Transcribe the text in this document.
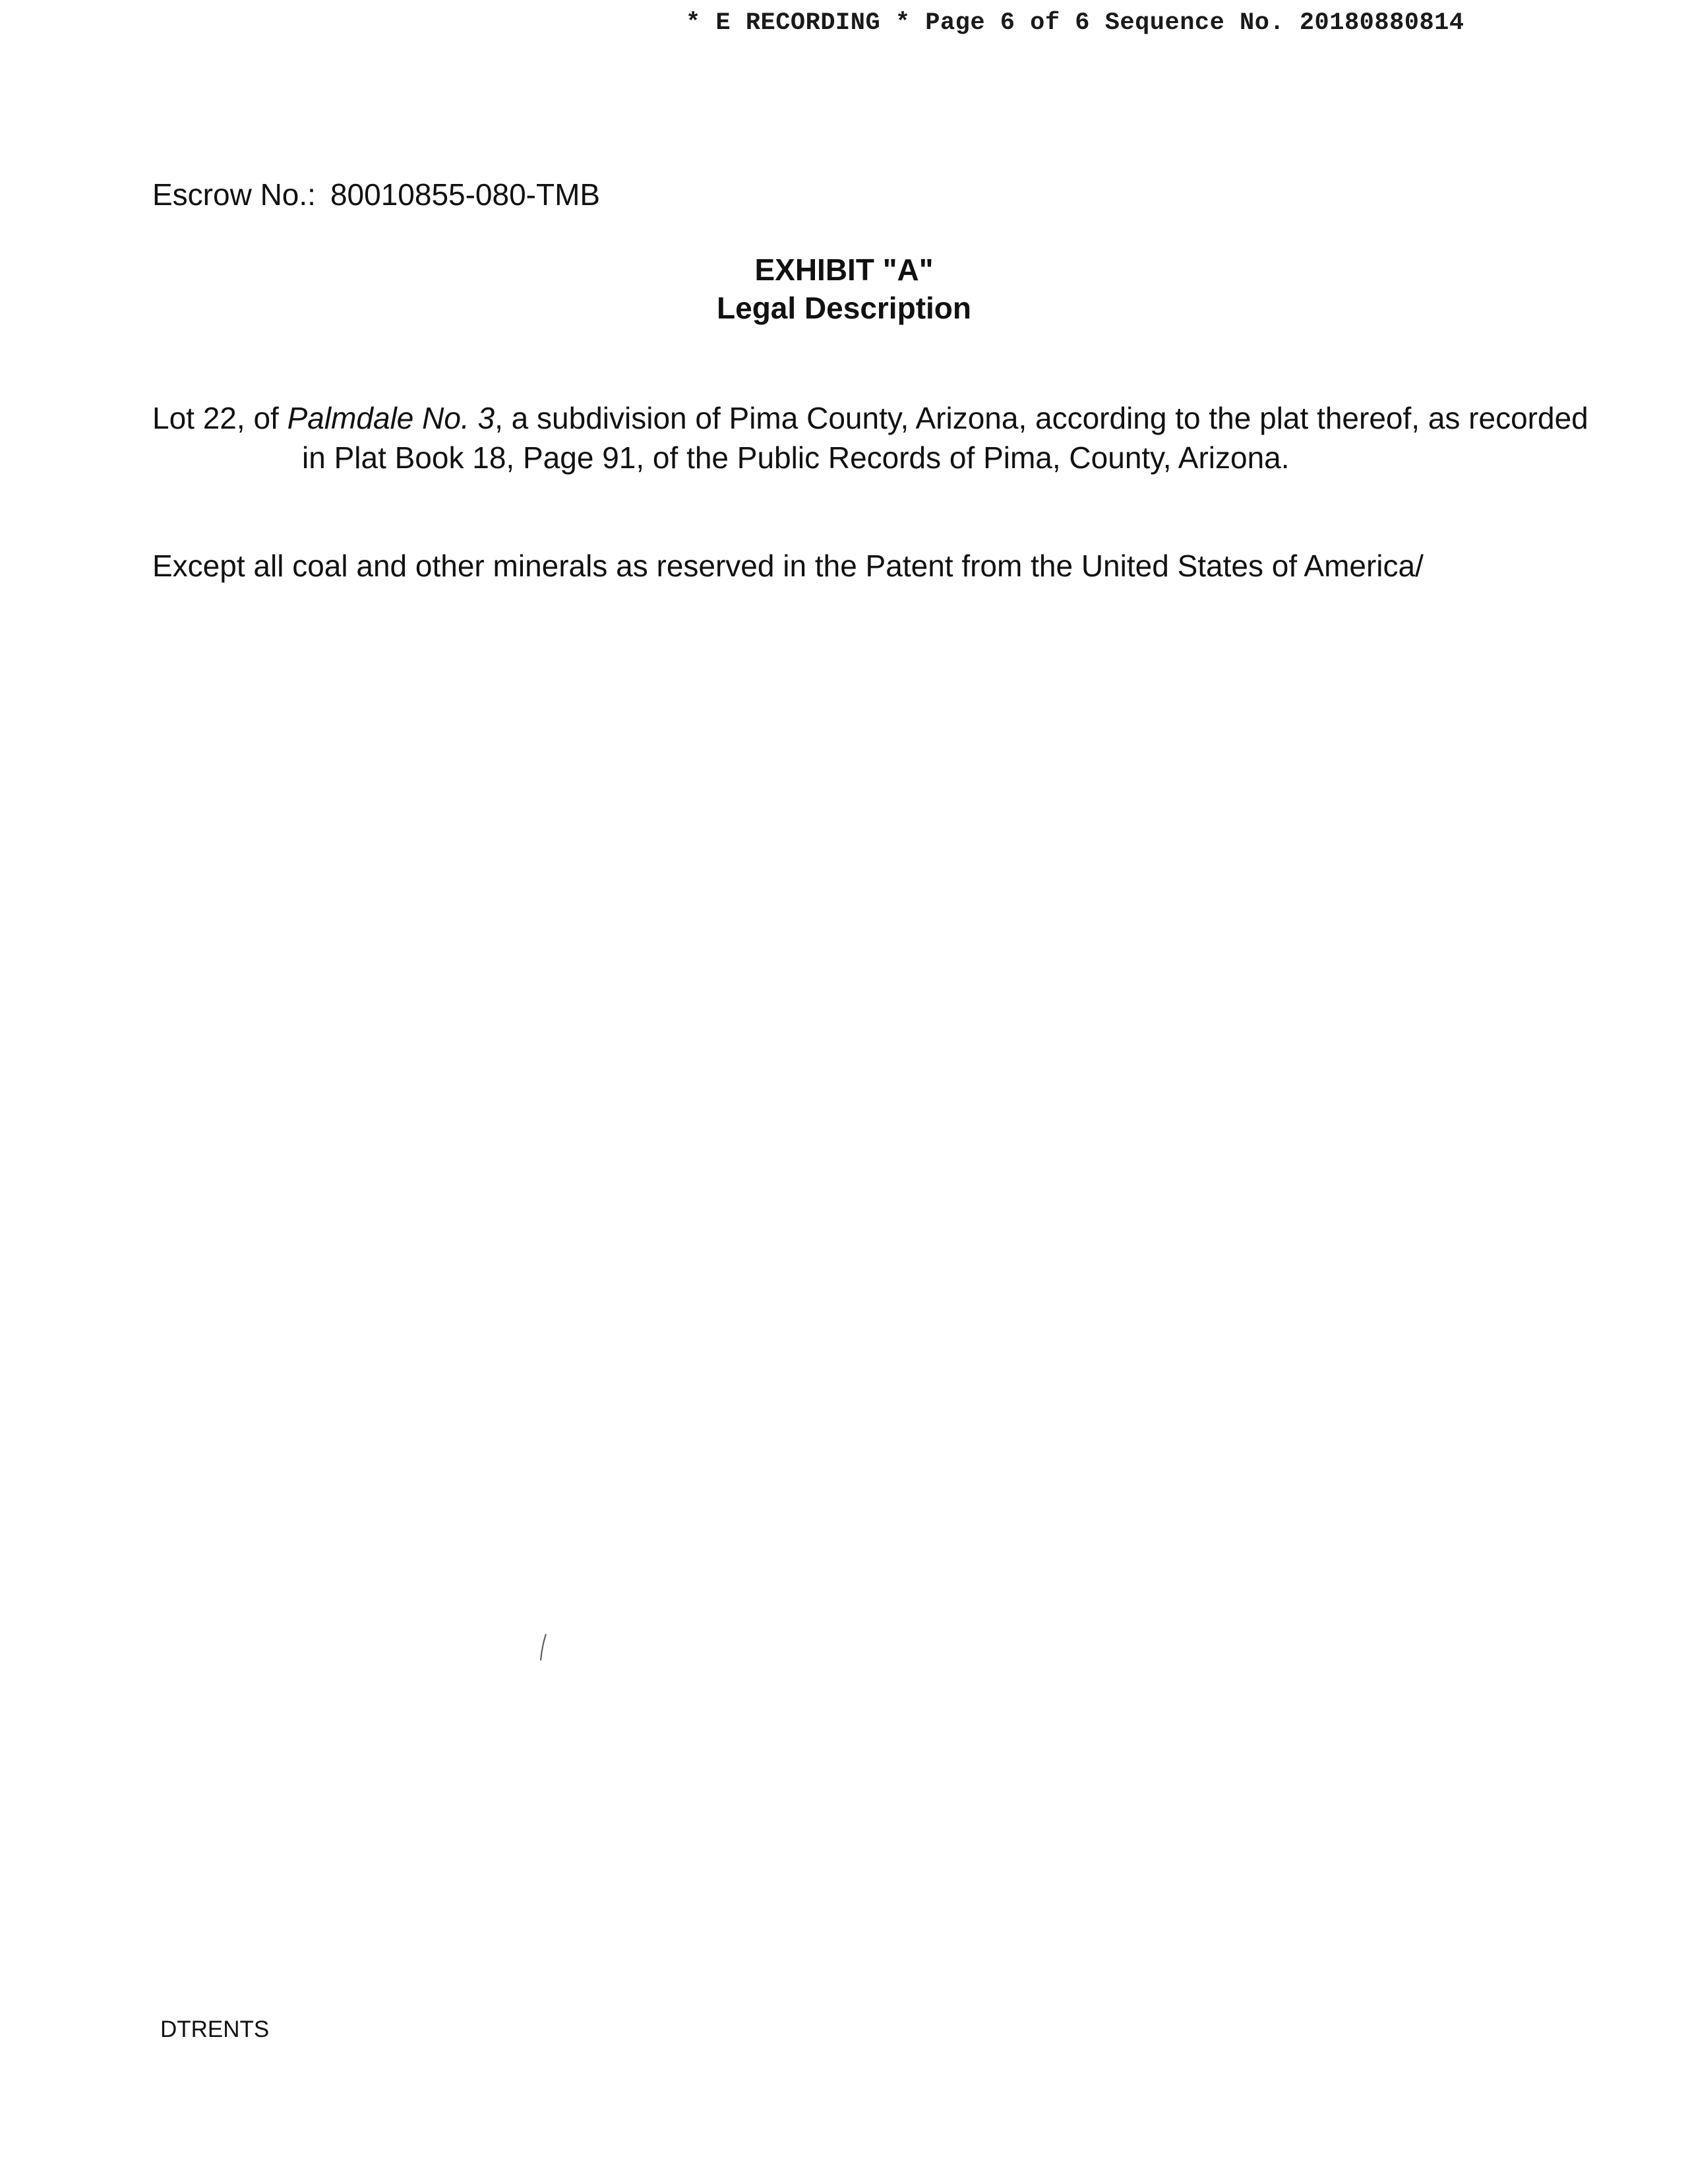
* E RECORDING * Page 6 of 6 Sequence No. 20180880814
Escrow No.: 80010855-080-TMB
EXHIBIT "A"
Legal Description

Lot 22, of Palmdale No. 3, a subdivision of Pima County, Arizona, according to the plat thereof, as recorded in Plat Book 18, Page 91, of the Public Records of Pima, County, Arizona.

Except all coal and other minerals as reserved in the Patent from the United States of America/
DTRENTS
